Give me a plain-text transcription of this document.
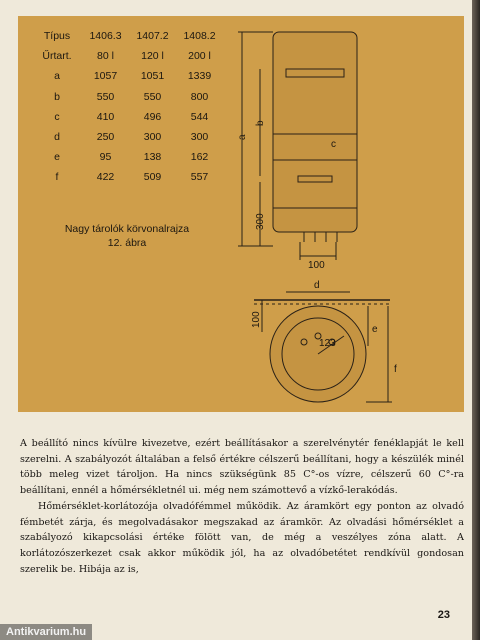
Típus	1406.3	1407.2	1408.2
Űrtart.	80 l	120 l	200 l
a	1057	1051	1339
b	550	550	800
c	410	496	544
d	250	300	300
e	95	138	162
f	422	509	557
Nagy tárolók körvonalrajza
12. ábra
a
b
c
300
100
d
100
123
e
f

A beállító nincs kívülre kivezetve, ezért beállításakor a szerelvénytér fenéklapját le kell szerelni. A szabályozót általában a felső értékre célszerű beállítani, hogy a készülék minél több meleg vizet tároljon. Ha nincs szükségünk 85 C°-os vízre, célszerű 60 C°-ra beállítani, ennél a hőmérsékletnél ui. még nem számottevő a vízkő-lerakódás.

Hőmérséklet-korlátozója olvadófémmel működik. Az áramkört egy ponton az olvadó fémbetét zárja, és megolvadásakor megszakad az áramkör. Az olvadási hőmérséklet a szabályozó kikapcsolási értéke fölött van, de még a veszélyes zóna alatt. A korlátozószerkezet csak akkor működik jól, ha az olvadóbetétet rendkívül gondosan szerelik be. Hibája az is,

23
Antikvarium.hu
